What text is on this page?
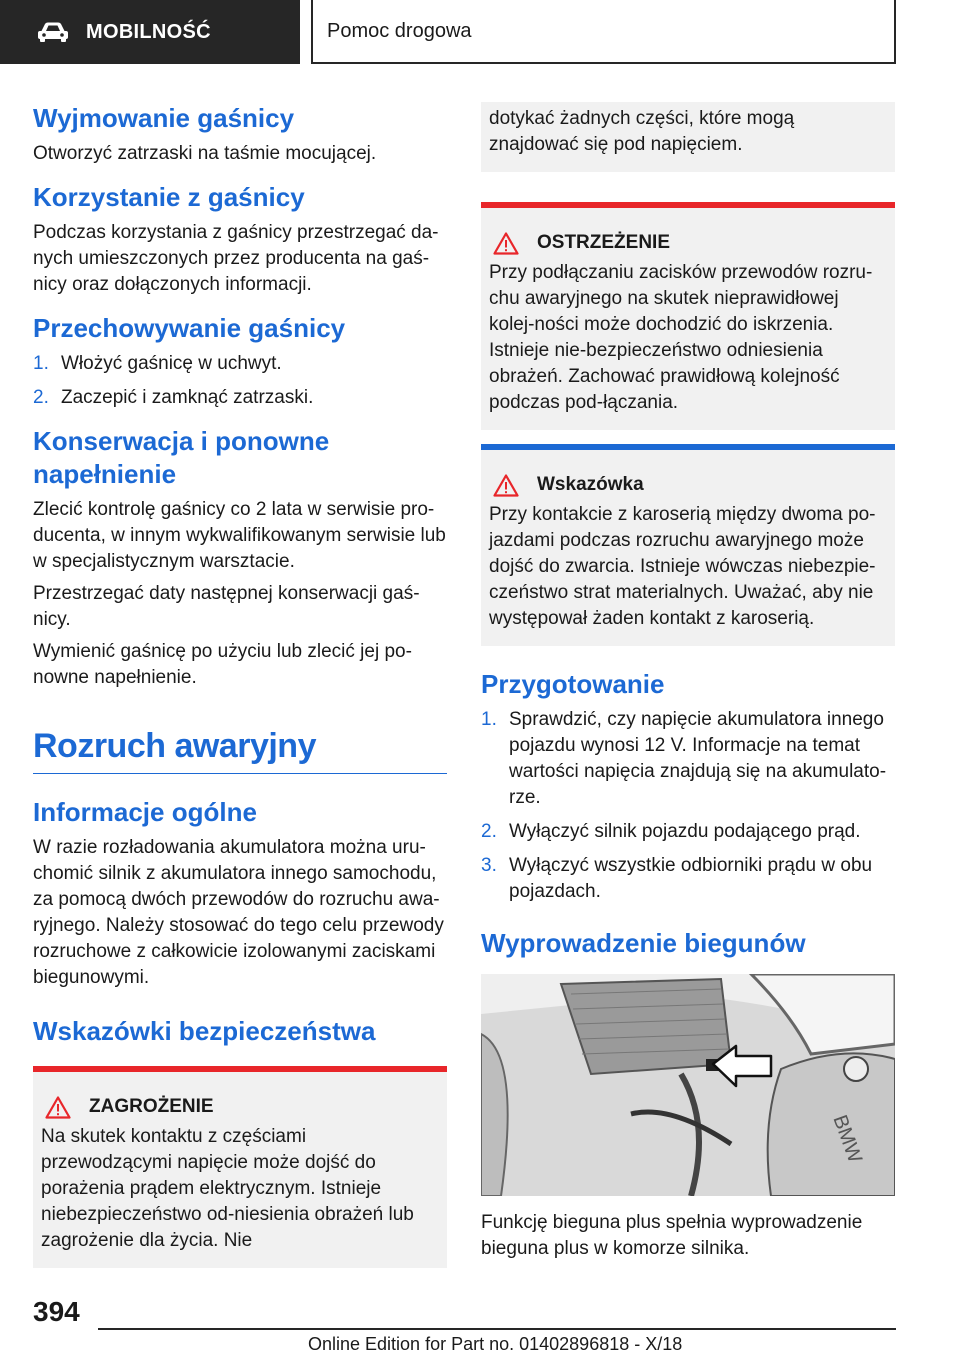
MOBILNOŚĆ	Pomoc drogowa
Wyjmowanie gaśnicy

Otworzyć zatrzaski na taśmie mocującej.

Korzystanie z gaśnicy

Podczas korzystania z gaśnicy przestrzegać da‐nych umieszczonych przez producenta na gaś‐nicy oraz dołączonych informacji.

Przechowywanie gaśnicy
1. Włożyć gaśnicę w uchwyt.
2. Zaczepić i zamknąć zatrzaski.
Konserwacja i ponowne napełnienie

Zlecić kontrolę gaśnicy co 2 lata w serwisie pro‐ducenta, w innym wykwalifikowanym serwisie lub w specjalistycznym warsztacie.

Przestrzegać daty następnej konserwacji gaś‐nicy.

Wymienić gaśnicę po użyciu lub zlecić jej po‐nowne napełnienie.

Rozruch awaryjny
Informacje ogólne

W razie rozładowania akumulatora można uru‐chomić silnik z akumulatora innego samochodu, za pomocą dwóch przewodów do rozruchu awa‐ryjnego. Należy stosować do tego celu przewody rozruchowe z całkowicie izolowanymi zaciskami biegunowymi.

Wskazówki bezpieczeństwa
ZAGROŻENIE

Na skutek kontaktu z częściami przewodzącymi napięcie może dojść do porażenia prądem elektrycznym. Istnieje niebezpieczeństwo od‐niesienia obrażeń lub zagrożenie dla życia. Nie

dotykać żadnych części, które mogą znajdować się pod napięciem.

OSTRZEŻENIE

Przy podłączaniu zacisków przewodów rozru‐chu awaryjnego na skutek nieprawidłowej kolej‐ności może dochodzić do iskrzenia. Istnieje nie‐bezpieczeństwo odniesienia obrażeń. Zachować prawidłową kolejność podczas pod‐łączania.

Wskazówka

Przy kontakcie z karoserią między dwoma po‐jazdami podczas rozruchu awaryjnego może dojść do zwarcia. Istnieje wówczas niebezpie‐czeństwo strat materialnych. Uważać, aby nie występował żaden kontakt z karoserią.

Przygotowanie
1. Sprawdzić, czy napięcie akumulatora innego pojazdu wynosi 12 V. Informacje na temat wartości napięcia znajdują się na akumulato‐rze.
2. Wyłączyć silnik pojazdu podającego prąd.
3. Wyłączyć wszystkie odbiorniki prądu w obu pojazdach.
Wyprowadzenie biegunów
BMW

Funkcję bieguna plus spełnia wyprowadzenie bieguna plus w komorze silnika.

394
Online Edition for Part no. 01402896818 - X/18
